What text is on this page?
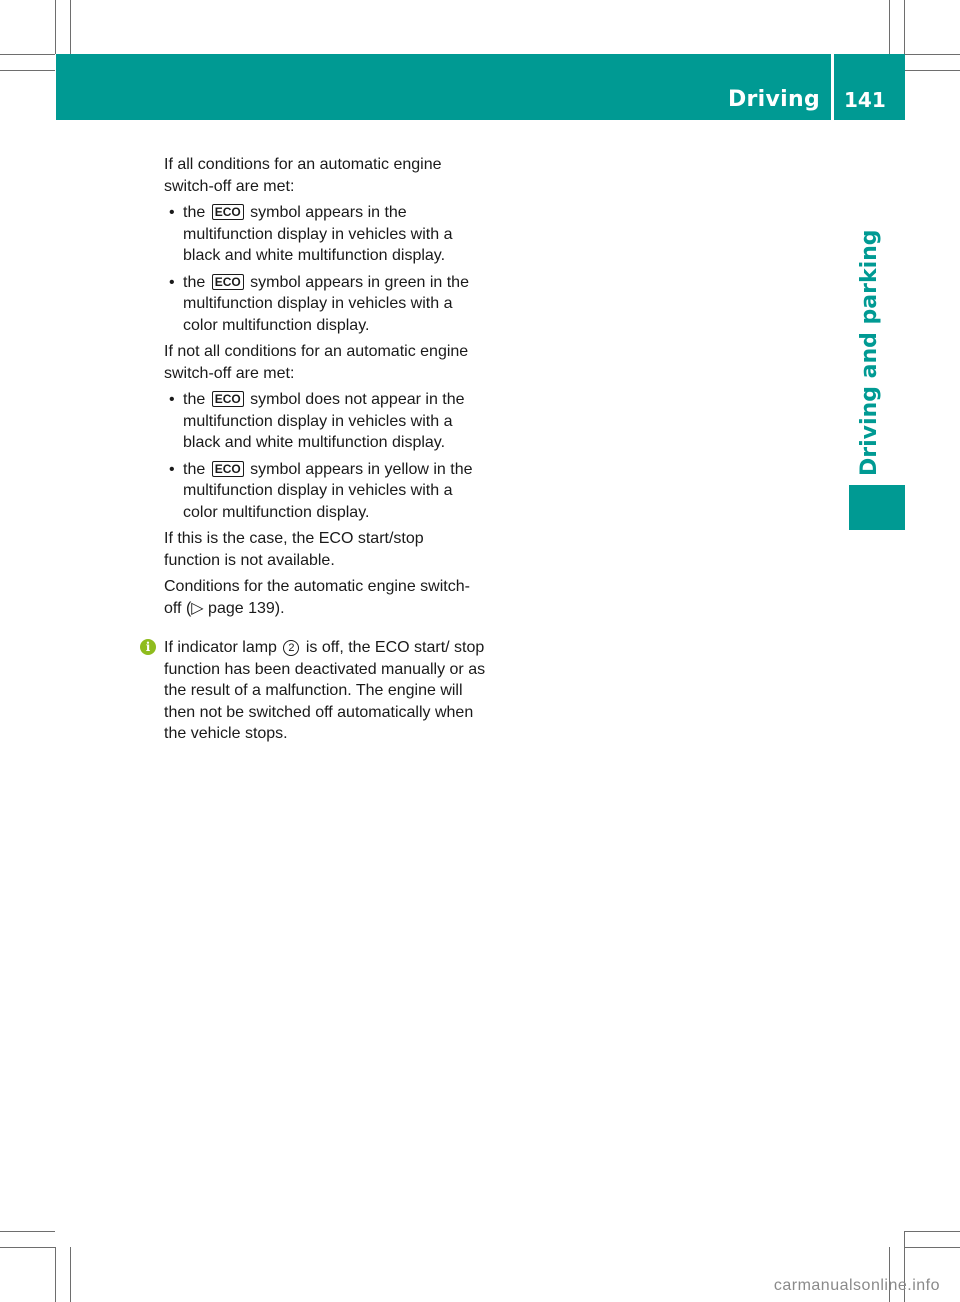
Driving 141
Driving and parking

If all conditions for an automatic engine switch-off are met:

• the ECO symbol appears in the multifunction display in vehicles with a black and white multifunction display.
• the ECO symbol appears in green in the multifunction display in vehicles with a color multifunction display.

If not all conditions for an automatic engine switch-off are met:

• the ECO symbol does not appear in the multifunction display in vehicles with a black and white multifunction display.
• the ECO symbol appears in yellow in the multifunction display in vehicles with a color multifunction display.

If this is the case, the ECO start/stop function is not available.

Conditions for the automatic engine switch-off (▷ page 139).

i If indicator lamp 2 is off, the ECO start/ stop function has been deactivated manually or as the result of a malfunction. The engine will then not be switched off automatically when the vehicle stops.
carmanualsonline.info
